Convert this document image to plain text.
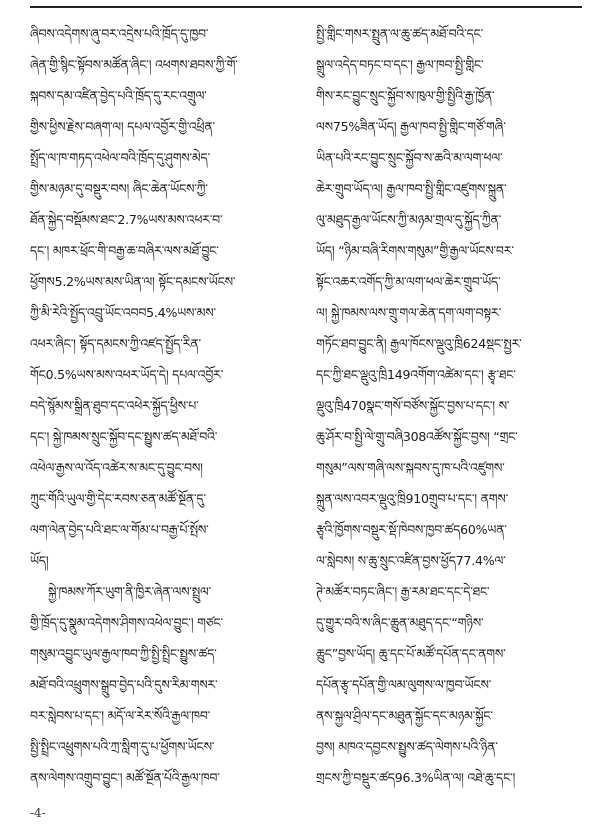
ཞིབས་འདེགས་ཞུ་བར་འདྲེས་པའི་ཁྲོད་དུ་ཁྱབ་
ཞེན་གྱི་སྙིང་སྟོབས་མཚོན་ཞིང་། འཕགས་ཐབས་ཀྱི་གོ་
སྐབས་དམ་འཛིན་བྱེད་པའི་ཁྲོད་དུ་རང་འགྲུལ་
གྱིས་ཕྱིས་རྗེས་བཞག་ལ། དཔལ་འབྱོར་གྱི་འཕྲིན་
སྤྲོད་ལ་ཁ་གཏད་འཕེལ་བའི་ཁྲོད་དུ་ཤུགས་མེད་
གྱིས་མཉམ་དུ་བསྡུར་བས། ཞིང་ཆེན་ཡོངས་ཀྱི་
ཐོན་སྐྱེད་བསྡོམས་ཐང་2.7%ཡས་མས་འཕར་བ་
དང་། མཁར་ཕྲོང་གི་བརྒྱ་ཆ་བཞིར་ལས་མཐོ་བྱུང་
ཕྱོགས5.2%ཡས་མས་ཡིན་ལ། སྟོང་དམངས་ཡོངས་
ཀྱི་མི་རེའི་སྤྱོད་འབྲུ་ཡོང་འབབ5.4%ཡས་མས་
འཕར་ཞིང་། སྟོད་དམངས་ཀྱི་འཛད་སྤྱོད་རིན་
གོང0.5%ཡས་མས་འཕར་ཡོད་དེ། དཔལ་འབྱོར་
བདེ་སྙོམས་སྒྲིན་ཐུབ་དང་འཕེར་སྐྱོད་ཕྱིས་པ་
དང་། སྐྱེ་ཁམས་སྲུང་སྐྱོབ་དང་སྤྱུས་ཚད་མཐོ་བའི་
འཕེལ་རྒྱས་ལ་འོད་འཚེར་ས་མང་དུ་བྱུང་བས།
ཀྲུང་གོའི་ཡུལ་གྱི་དེང་རབས་ཅན་མཚོ་སྔོན་དུ་
ལག་ལེན་བྱེད་པའི་ཐང་ལ་གོམ་པ་བརྒྱ་པོ་སྤོས་
ཡོད།
སྐྱེ་ཁམས་ཀོར་ཡུག་ནི་ཁྱིར་ཞེན་ལས་སྤྲུལ་
གྱི་ཁྲོད་དུ་སྣུམ་འདེགས་ཤིགས་འཕེལ་བྱུང་། གཙང་
གསུམ་འབྱུང་ཡུལ་རྒྱལ་ཁབ་ཀྱི་སྤྱི་སྤྲིང་སྤྱུས་ཚད་
མཐོ་བའི་འཕྲུགས་སྒྲུབ་བྱེད་པའི་དུས་རིམ་གསར་
བར་སླེབས་པ་དང་། མདོ་ལ་རེར་སོའི་རྒྱལ་ཁབ་
སྤྱི་སྤྲིང་འཕྲུགས་པའི་ཀྲ་སླིག་དུ་པ་ཕྱོགས་ཡོངས་
ནས་ལེགས་འགྲུབ་བྱུང་། མཚོ་སྔོན་པོའི་རྒྱལ་ཁབ་
སྤྱི་གླིང་གསར་སྤྲུན་ལ་ཆུ་ཚད་མཐོ་བའི་དང་
སྒྲུལ་འདེད་བཏང་བ་དང་། རྒྱལ་ཁབ་སྤྱི་གླིང་
གིས་རང་བྱུང་སྲུང་སྐྱོབ་ས་ཁུལ་གྱི་སྤྱིའི་རྒྱ་ཁྱོན་
ལས75%ཟིན་ཡོད། རྒྱལ་ཁབ་སྤྱི་གླིང་གཙོ་གཞི་
ཡིན་པའི་རང་བྱུང་སྲུང་སྐྱོབ་ས་ཆའི་མ་ལག་ཕལ་
ཆེར་གྲུབ་ཡོད་ལ། རྒྱལ་ཁབ་སྤྱི་གླིང་འཛུགས་སྐྲུན་
ལུ་མཐུད་རྒྱལ་ཡོངས་ཀྱི་མཉམ་གྲལ་དུ་སྐྱོད་ཀྱིན་
ཡོད། “ཉིམ་བཞི་རིགས་གསུམ”གྱི་རྒྱལ་ཡོངས་བར་
སྟོང་འཆར་འགོད་ཀྱི་མ་ལག་ཕལ་ཆེར་གྲུབ་ཡོད་
ལ། སྐྱེ་ཁམས་ལས་གྲུ་གལ་ཆེན་དག་ལག་བསྟར་
གཏོང་ཐབ་བྱུང་ནི། རྒྱལ་ཁོངས་ལྡུའུ་ཁྲི624སྡང་སྤྱར་
དང་ཀྱི་ཐང་ལྡུའུ་ཁྲི149འགོག་འཚེམ་དང་། རྩྭ་ཐང་
ལྡུའུ་ཁྲི470སྣང་གསོ་བཙོས་སྐྱོང་བྱས་པ་དང་། ས་
ཆུ་ཤོར་བ་སྤྱི་ལེ་གྲུ་བཞི308འཚོས་སྐྱོང་བྱས། “གྲང་
གསུམ”ལས་གཞི་ལས་སྐབས་དུ་ཁ་པའི་འཛུགས་
སྐྲུན་ལས་འབར་ལྡུའུ་ཁྲི910གྲུབ་པ་དང་། ནགས་
རྩྭའི་ཁྱོགས་བསྡུར་སྡོ་ཁེབས་ཁྱབ་ཚད60%ཡན་
ལ་སླེབས། ས་ཆུ་སྲུང་འཛིན་བྱས་ཕྱོད77.4%ལ་
ཊེ་མཚོར་བཏང་ཞིང་། རྒྱ་རམ་ཐང་དང་དེ་ཐང་
དུ་གྱུར་བའི་ས་ཞིང་ཆྲུན་མཐུད་དང་“གཉིས་
ཆྲུང”བྱས་ཡོད། ཆུ་དང་པོ་མཚོ་དཔོན་དང་ནགས་
དཔོན་རྩྭ་དཔོན་གྱི་ལམ་ལུགས་ལ་ཁྱབ་ཡོངས་
ནས་སྐྱལ་ཤྲིལ་དང་མཐུན་སྐྱོང་དང་མཉམ་སྐྱོང་
བྱས། མཁའ་དབྱངས་སྤྱུས་ཚད་ལེགས་པའི་ཉིན་
གྲངས་ཀྱི་བསྡུར་ཚད96.3%ཡིན་ལ། འཐེ་ཆུ་དང་།
-4-
